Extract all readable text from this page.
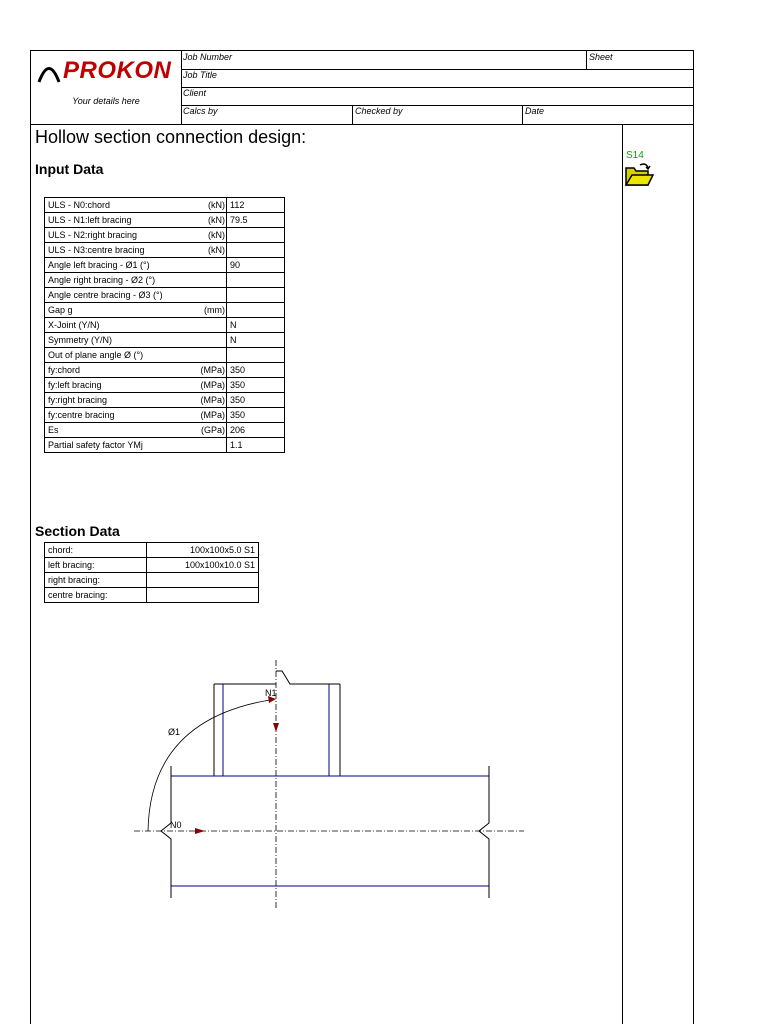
PROKON
Your details here
Job Number	Sheet
Job Title
Client
Calcs by	Checked by	Date
Hollow section connection design:
Input Data
S14
ULS - N0:chord	(kN)	112
ULS - N1:left bracing	(kN)	79.5
ULS - N2:right bracing	(kN)	
ULS - N3:centre bracing	(kN)	
Angle left bracing - Ø1 (°)		90
Angle right bracing - Ø2 (°)		
Angle centre bracing - Ø3 (°)		
Gap g	(mm)	
X-Joint (Y/N)		N
Symmetry (Y/N)		N
Out of plane angle Ø (°)		
fy:chord	(MPa)	350
fy:left bracing	(MPa)	350
fy:right bracing	(MPa)	350
fy:centre bracing	(MPa)	350
Es	(GPa)	206
Partial safety factor YMj		1.1
Section Data
chord:	100x100x5.0 S1
left bracing:	100x100x10.0 S1
right bracing:	
centre bracing:	
N1
N0
Ø1
